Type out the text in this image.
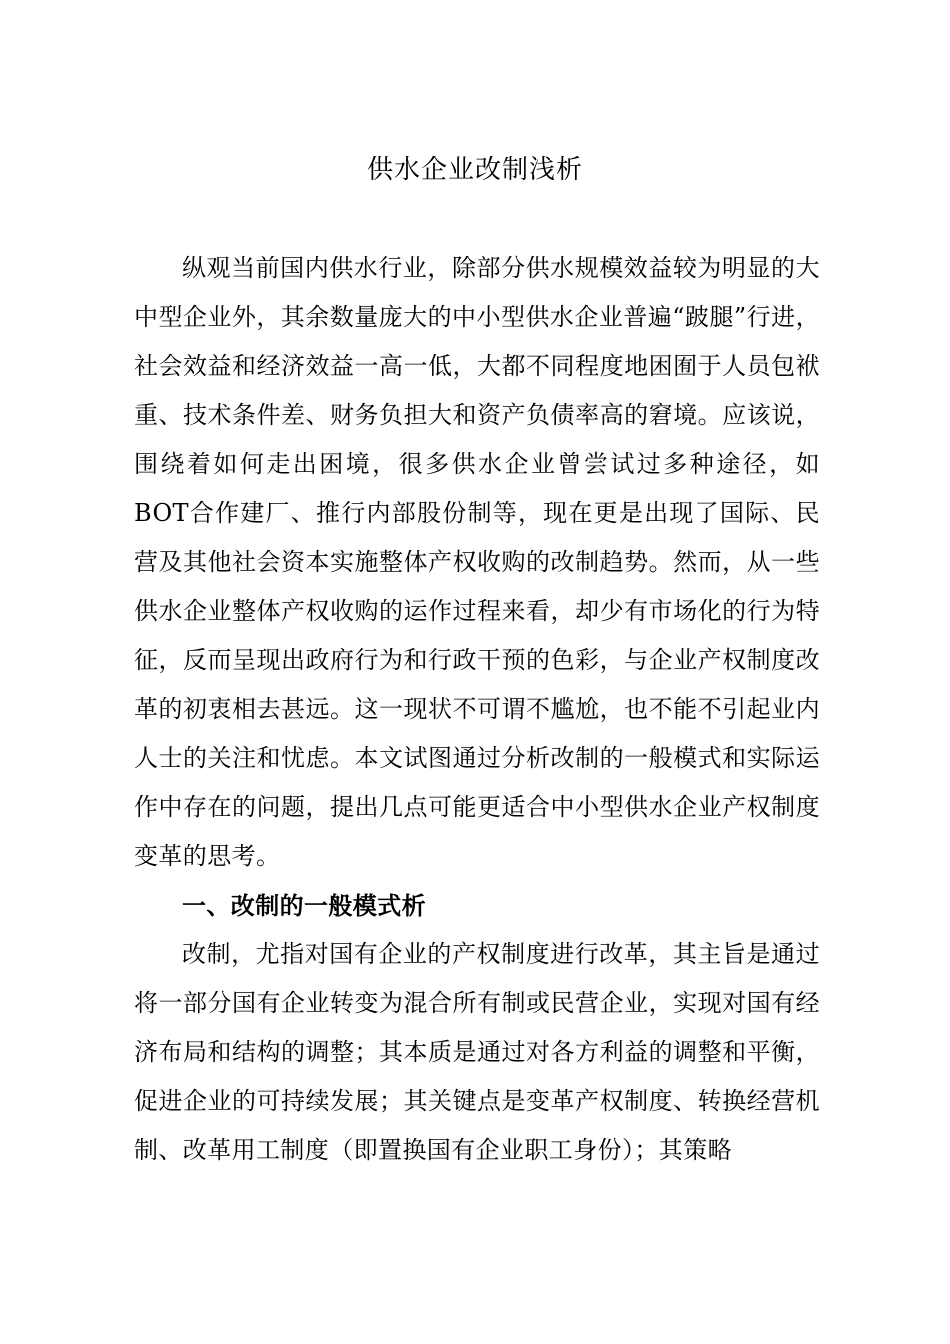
供水企业改制浅析

纵观当前国内供水行业，除部分供水规模效益较为明显的大中型企业外，其余数量庞大的中小型供水企业普遍“跛腿”行进，社会效益和经济效益一高一低，大都不同程度地困囿于人员包袱重、技术条件差、财务负担大和资产负债率高的窘境。应该说，围绕着如何走出困境，很多供水企业曾尝试过多种途径，如BOT合作建厂、推行内部股份制等，现在更是出现了国际、民营及其他社会资本实施整体产权收购的改制趋势。然而，从一些供水企业整体产权收购的运作过程来看，却少有市场化的行为特征，反而呈现出政府行为和行政干预的色彩，与企业产权制度改革的初衷相去甚远。这一现状不可谓不尴尬，也不能不引起业内人士的关注和忧虑。本文试图通过分析改制的一般模式和实际运作中存在的问题，提出几点可能更适合中小型供水企业产权制度变革的思考。

一、改制的一般模式析

改制，尤指对国有企业的产权制度进行改革，其主旨是通过将一部分国有企业转变为混合所有制或民营企业，实现对国有经济布局和结构的调整；其本质是通过对各方利益的调整和平衡，促进企业的可持续发展；其关键点是变革产权制度、转换经营机制、改革用工制度（即置换国有企业职工身份）；其策略
